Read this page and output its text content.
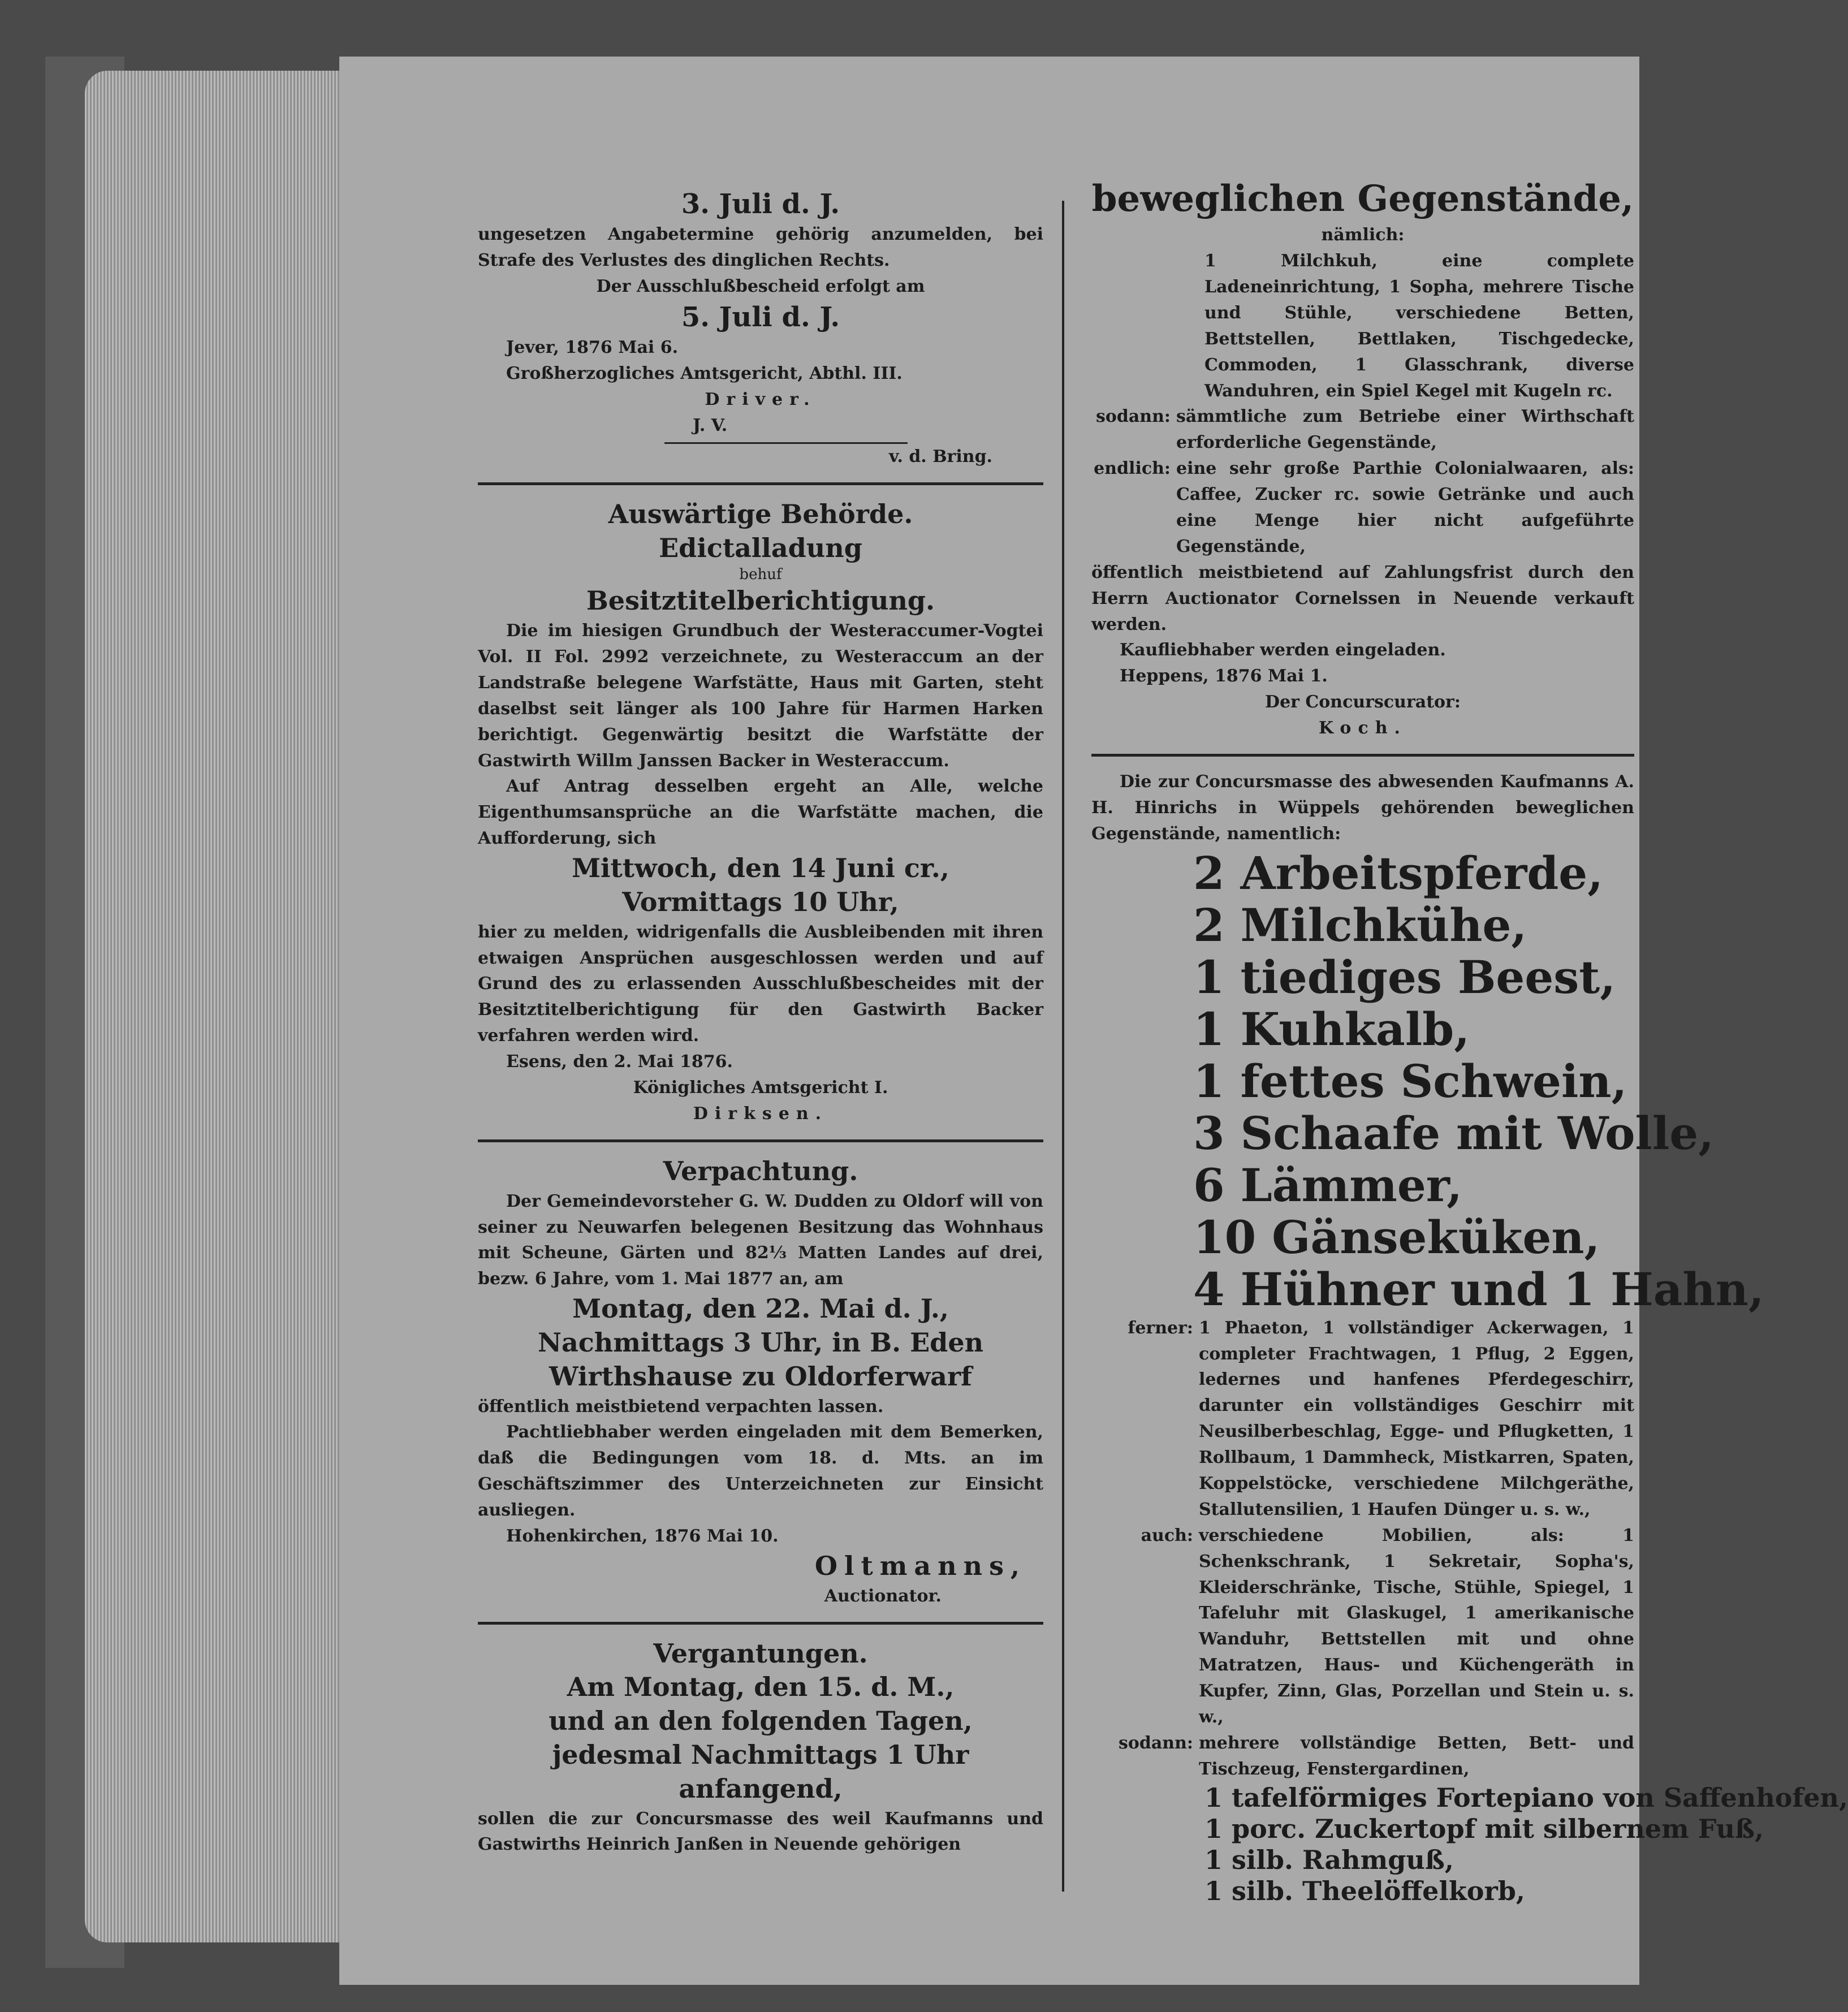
3. Juli d. J.
ungesetzen Angabetermine gehörig anzumelden, bei Strafe des Verlustes des dinglichen Rechts.
Der Ausschlußbescheid erfolgt am
5. Juli d. J.
Jever, 1876 Mai 6.
Großherzogliches Amtsgericht, Abthl. III.
Driver.
J. V.
v. d. Bring.
Auswärtige Behörde.
Edictalladung
behuf
Besitztitelberichtigung.
Die im hiesigen Grundbuch der Westeraccumer-Vogtei Vol. II Fol. 2992 verzeichnete, zu Westeraccum an der Landstraße belegene Warfstätte, Haus mit Garten, steht daselbst seit länger als 100 Jahre für Harmen Harken berichtigt. Gegenwärtig besitzt die Warfstätte der Gastwirth Willm Janssen Backer in Westeraccum.
Auf Antrag desselben ergeht an Alle, welche Eigenthumsansprüche an die Warfstätte machen, die Aufforderung, sich
Mittwoch, den 14 Juni cr.,
Vormittags 10 Uhr,
hier zu melden, widrigenfalls die Ausbleibenden mit ihren etwaigen Ansprüchen ausgeschlossen werden und auf Grund des zu erlassenden Ausschlußbescheides mit der Besitztitelberichtigung für den Gastwirth Backer verfahren werden wird.
Esens, den 2. Mai 1876.
Königliches Amtsgericht I.
Dirksen.
Verpachtung.
Der Gemeindevorsteher G. W. Dudden zu Oldorf will von seiner zu Neuwarfen belegenen Besitzung das Wohnhaus mit Scheune, Gärten und 82⅓ Matten Landes auf drei, bezw. 6 Jahre, vom 1. Mai 1877 an, am
Montag, den 22. Mai d. J.,
Nachmittags 3 Uhr, in B. Eden
Wirthshause zu Oldorferwarf
öffentlich meistbietend verpachten lassen.
Pachtliebhaber werden eingeladen mit dem Bemerken, daß die Bedingungen vom 18. d. Mts. an im Geschäftszimmer des Unterzeichneten zur Einsicht ausliegen.
Hohenkirchen, 1876 Mai 10.
Oltmanns,
Auctionator.
Vergantungen.
Am Montag, den 15. d. M.,
und an den folgenden Tagen,
jedesmal Nachmittags 1 Uhr
anfangend,
sollen die zur Concursmasse des weil Kaufmanns und Gastwirths Heinrich Janßen in Neuende gehörigen
beweglichen Gegenstände,
nämlich:
1 Milchkuh, eine complete Ladeneinrichtung, 1 Sopha, mehrere Tische und Stühle, verschiedene Betten, Bettstellen, Bettlaken, Tischgedecke, Commoden, 1 Glasschrank, diverse Wanduhren, ein Spiel Kegel mit Kugeln rc.
sodann: sämmtliche zum Betriebe einer Wirthschaft erforderliche Gegenstände,
endlich: eine sehr große Parthie Colonialwaaren, als: Caffee, Zucker rc. sowie Getränke und auch eine Menge hier nicht aufgeführte Gegenstände,
öffentlich meistbietend auf Zahlungsfrist durch den Herrn Auctionator Cornelssen in Neuende verkauft werden.
Kaufliebhaber werden eingeladen.
Heppens, 1876 Mai 1.
Der Concurscurator:
Koch.
Die zur Concursmasse des abwesenden Kaufmanns A. H. Hinrichs in Wüppels gehörenden beweglichen Gegenstände, namentlich:
2 Arbeitspferde,
2 Milchkühe,
1 tiediges Beest,
1 Kuhkalb,
1 fettes Schwein,
3 Schaafe mit Wolle,
6 Lämmer,
10 Gänseküken,
4 Hühner und 1 Hahn,
ferner: 1 Phaeton, 1 vollständiger Ackerwagen, 1 completer Frachtwagen, 1 Pflug, 2 Eggen, ledernes und hanfenes Pferdegeschirr, darunter ein vollständiges Geschirr mit Neusilberbeschlag, Egge- und Pflugketten, 1 Rollbaum, 1 Dammheck, Mistkarren, Spaten, Koppelstöcke, verschiedene Milchgeräthe, Stallutensilien, 1 Haufen Dünger u. s. w.,
auch: verschiedene Mobilien, als: 1 Schenkschrank, 1 Sekretair, Sopha's, Kleiderschränke, Tische, Stühle, Spiegel, 1 Tafeluhr mit Glaskugel, 1 amerikanische Wanduhr, Bettstellen mit und ohne Matratzen, Haus- und Küchengeräth in Kupfer, Zinn, Glas, Porzellan und Stein u. s. w.,
sodann: mehrere vollständige Betten, Bett- und Tischzeug, Fenstergardinen,
1 tafelförmiges Fortepiano von Saffenhofen,
1 porc. Zuckertopf mit silbernem Fuß,
1 silb. Rahmguß,
1 silb. Theelöffelkorb,
